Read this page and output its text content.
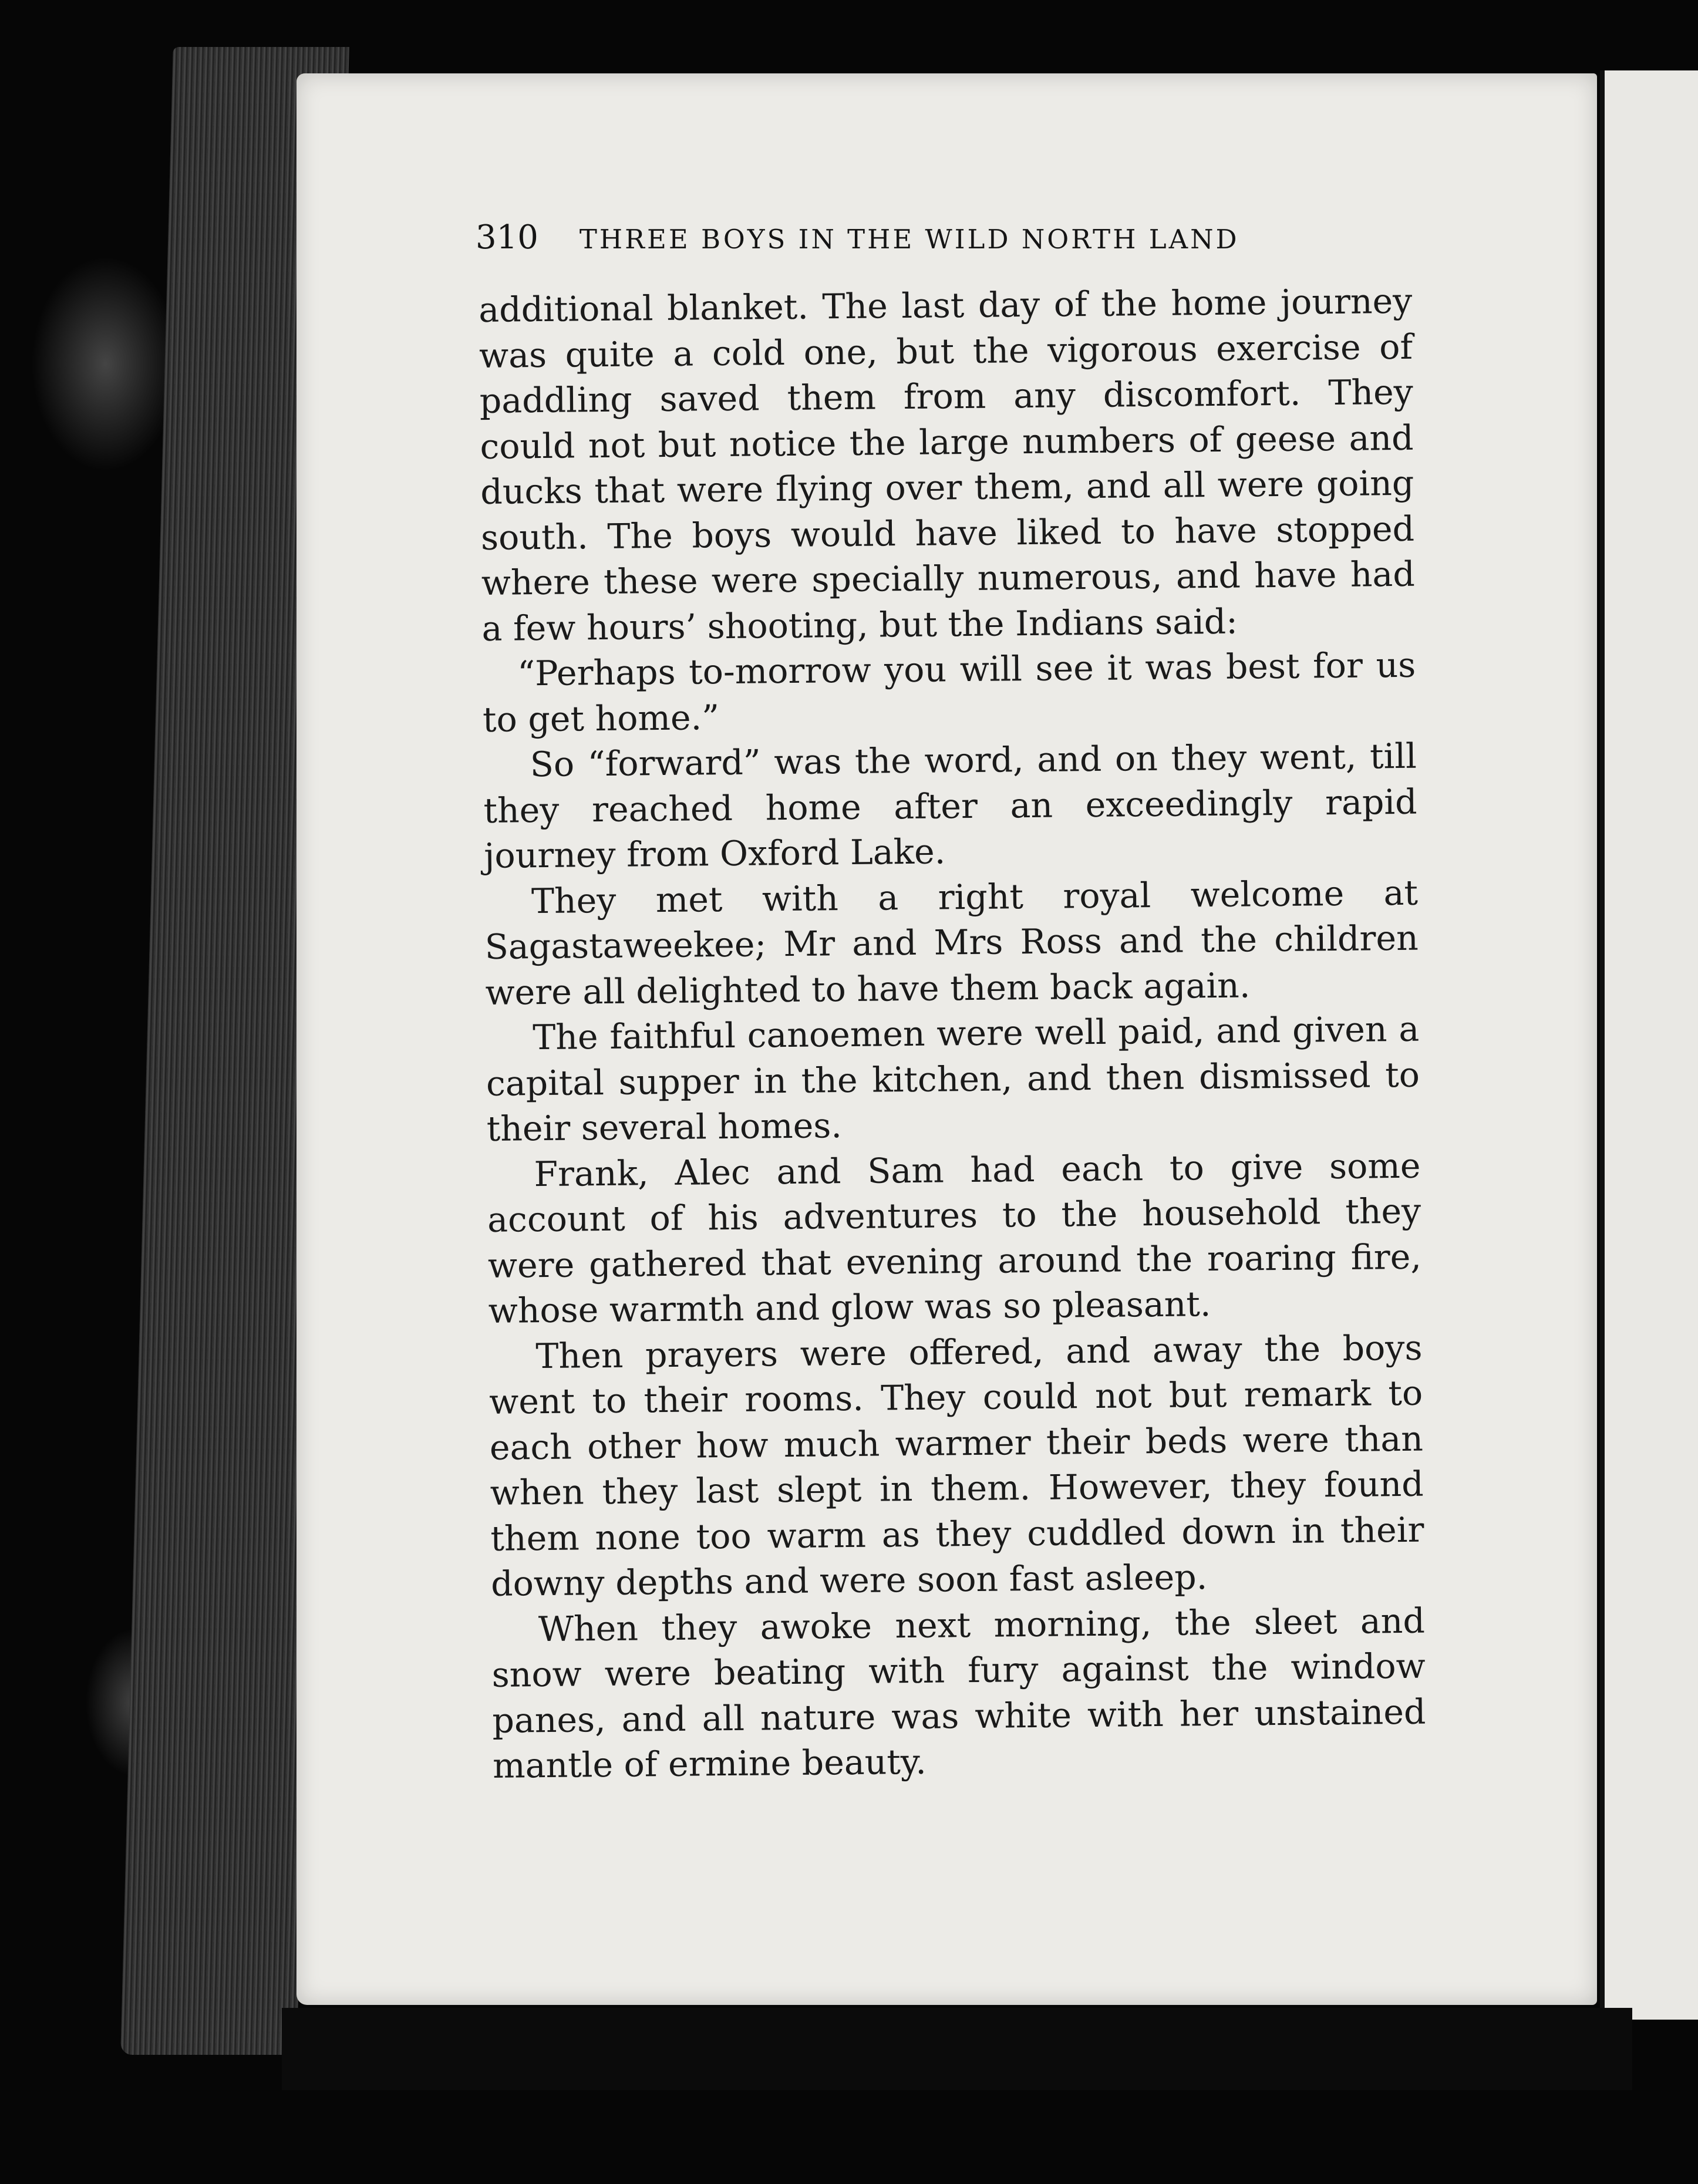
310 THREE BOYS IN THE WILD NORTH LAND

additional blanket. The last day of the home journey was quite a cold one, but the vigorous exercise of paddling saved them from any discomfort. They could not but notice the large numbers of geese and ducks that were flying over them, and all were going south. The boys would have liked to have stopped where these were specially numerous, and have had a few hours’ shooting, but the Indians said:

“Perhaps to-morrow you will see it was best for us to get home.”

So “forward” was the word, and on they went, till they reached home after an exceedingly rapid journey from Oxford Lake.

They met with a right royal welcome at Sagastaweekee; Mr and Mrs Ross and the children were all delighted to have them back again.

The faithful canoemen were well paid, and given a capital supper in the kitchen, and then dismissed to their several homes.

Frank, Alec and Sam had each to give some account of his adventures to the household they were gathered that evening around the roaring fire, whose warmth and glow was so pleasant.

Then prayers were offered, and away the boys went to their rooms. They could not but remark to each other how much warmer their beds were than when they last slept in them. However, they found them none too warm as they cuddled down in their downy depths and were soon fast asleep.

When they awoke next morning, the sleet and snow were beating with fury against the window panes, and all nature was white with her unstained mantle of ermine beauty.
